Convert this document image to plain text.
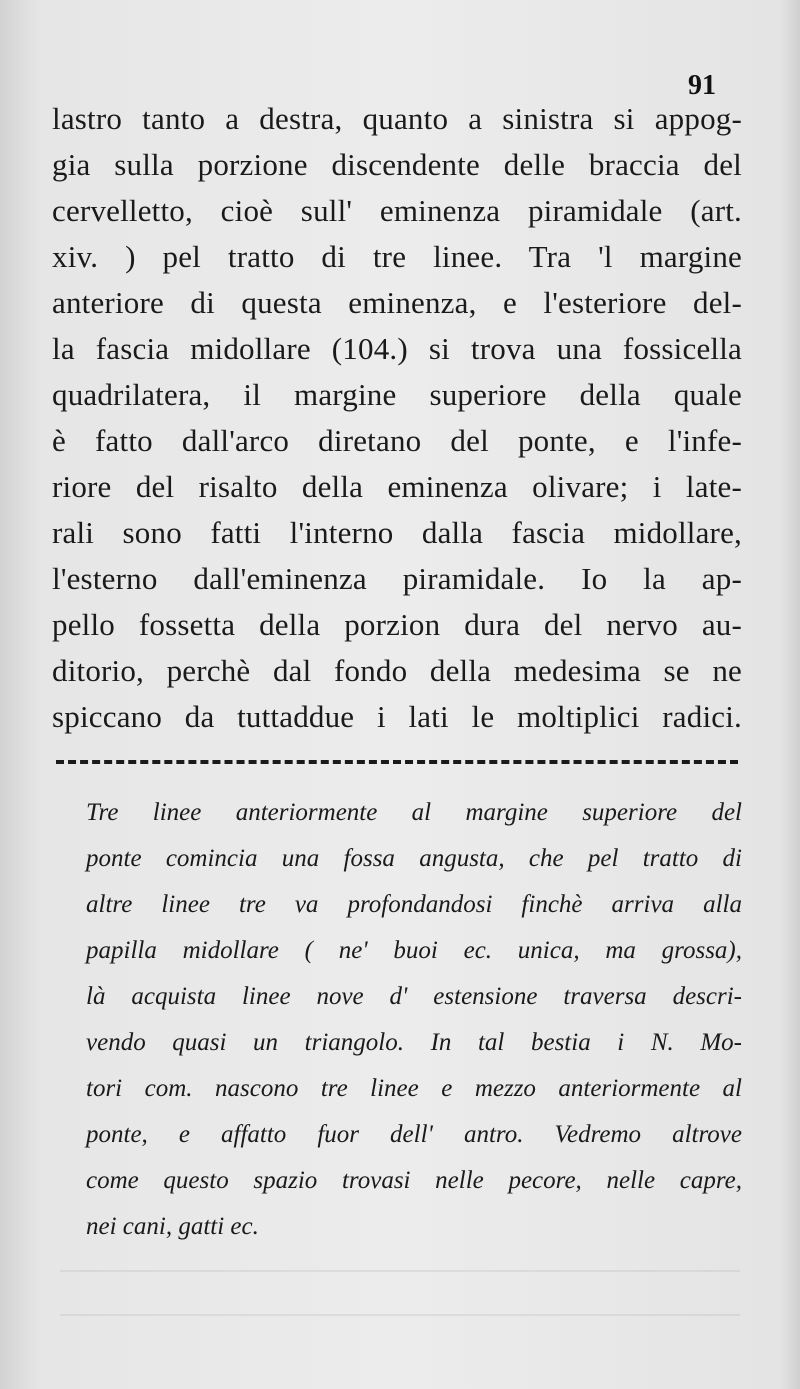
91
lastro tanto a destra, quanto a sinistra si appog-
gia sulla porzione discendente delle braccia del
cervelletto, cioè sull' eminenza piramidale (art.
xiv. ) pel tratto di tre linee. Tra 'l margine
anteriore di questa eminenza, e l'esteriore del-
la fascia midollare (104.) si trova una fossicella
quadrilatera, il margine superiore della quale
è fatto dall'arco diretano del ponte, e l'infe-
riore del risalto della eminenza olivare; i late-
rali sono fatti l'interno dalla fascia midollare,
l'esterno dall'eminenza piramidale. Io la ap-
pello fossetta della porzion dura del nervo au-
ditorio, perchè dal fondo della medesima se ne
spiccano da tuttaddue i lati le moltiplici radici.
Tre linee anteriormente al margine superiore del
ponte comincia una fossa angusta, che pel tratto di
altre linee tre va profondandosi finchè arriva alla
papilla midollare ( ne' buoi ec. unica, ma grossa),
là acquista linee nove d' estensione traversa descri-
vendo quasi un triangolo. In tal bestia i N. Mo-
tori com. nascono tre linee e mezzo anteriormente al
ponte, e affatto fuor dell' antro. Vedremo altrove
come questo spazio trovasi nelle pecore, nelle capre,
nei cani, gatti ec.
